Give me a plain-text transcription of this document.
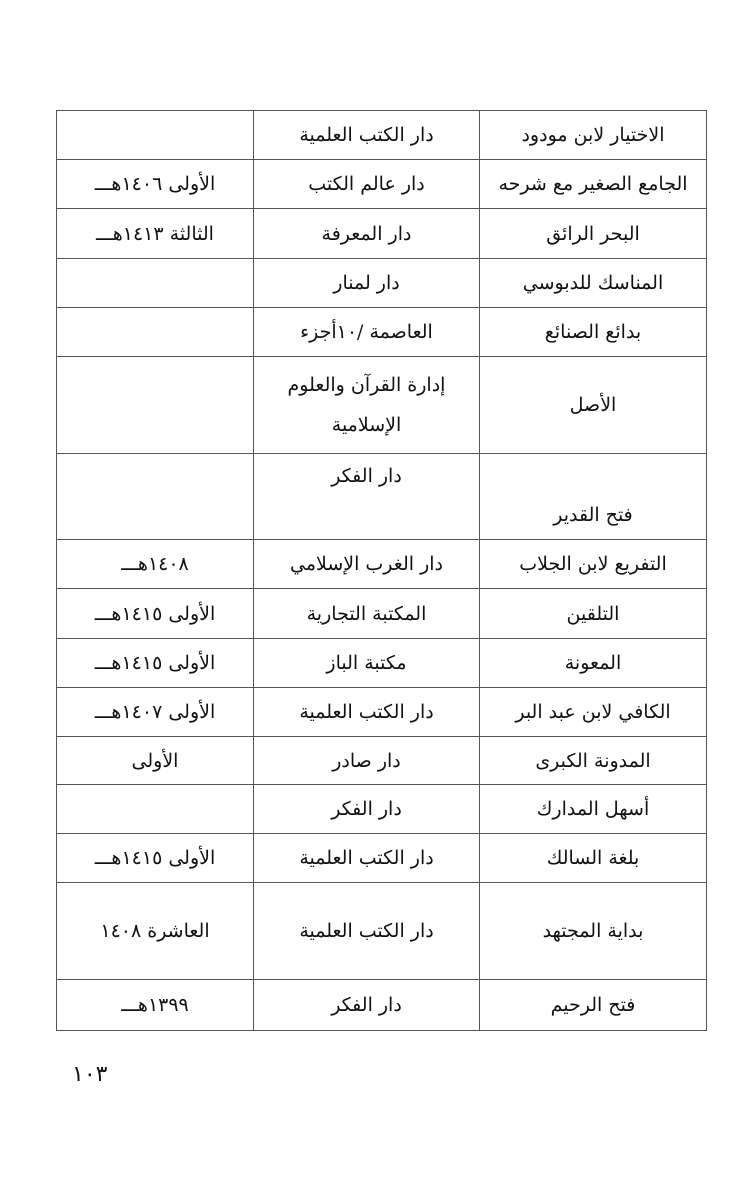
الاختيار لابن مودود	دار الكتب العلمية	
الجامع الصغير مع شرحه	دار عالم الكتب	الأولى ١٤٠٦هـــ
البحر الرائق	دار المعرفة	الثالثة ١٤١٣هـــ
المناسك للدبوسي	دار لمنار	
بدائع الصنائع	العاصمة /١٠أجزء	
الأصل	إدارة القرآن والعلوم الإسلامية	
فتح القدير	دار الفكر	
التفريع لابن الجلاب	دار الغرب الإسلامي	١٤٠٨هـــ
التلقين	المكتبة التجارية	الأولى ١٤١٥هـــ
المعونة	مكتبة الباز	الأولى ١٤١٥هـــ
الكافي لابن عبد البر	دار الكتب العلمية	الأولى ١٤٠٧هـــ
المدونة الكبرى	دار صادر	الأولى
أسهل المدارك	دار الفكر	
بلغة السالك	دار الكتب العلمية	الأولى ١٤١٥هـــ
بداية المجتهد	دار الكتب العلمية	العاشرة ١٤٠٨
فتح الرحيم	دار الفكر	١٣٩٩هـــ
١٠٣
